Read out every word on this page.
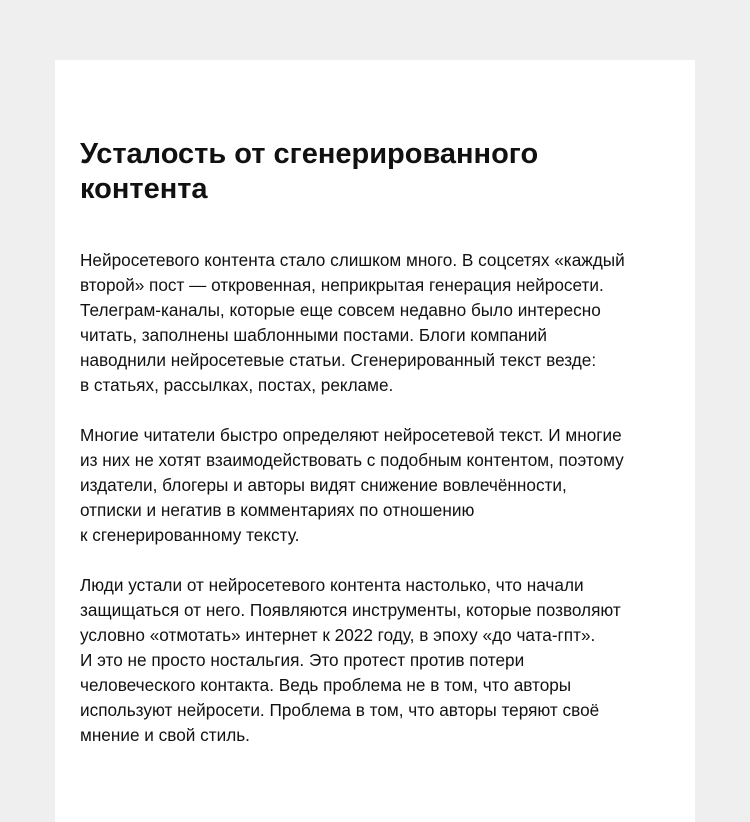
Усталость от сгенерированного
контента

Нейросетевого контента стало слишком много. В соцсетях «каждый
второй» пост — откровенная, неприкрытая генерация нейросети.
Телеграм-каналы, которые еще совсем недавно было интересно
читать, заполнены шаблонными постами. Блоги компаний
наводнили нейросетевые статьи. Сгенерированный текст везде:
в статьях, рассылках, постах, рекламе.

Многие читатели быстро определяют нейросетевой текст. И многие
из них не хотят взаимодействовать с подобным контентом, поэтому
издатели, блогеры и авторы видят снижение вовлечённости,
отписки и негатив в комментариях по отношению
к сгенерированному тексту.

Люди устали от нейросетевого контента настолько, что начали
защищаться от него. Появляются инструменты, которые позволяют
условно «отмотать» интернет к 2022 году, в эпоху «до чата-гпт».
И это не просто ностальгия. Это протест против потери
человеческого контакта. Ведь проблема не в том, что авторы
используют нейросети. Проблема в том, что авторы теряют своё
мнение и свой стиль.
